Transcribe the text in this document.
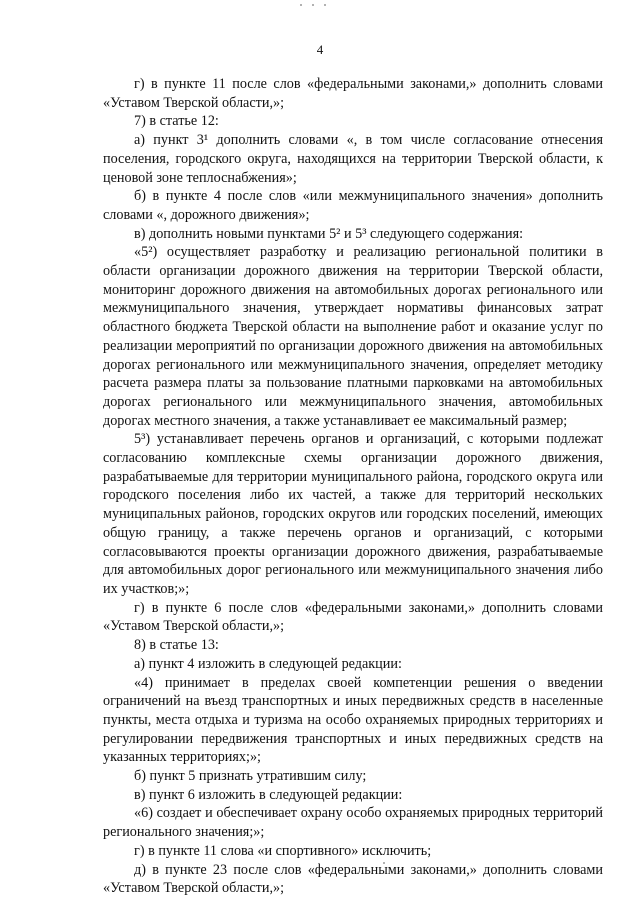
4

г) в пункте 11 после слов «федеральными законами,» дополнить словами «Уставом Тверской области,»;

7) в статье 12:

а) пункт 3¹ дополнить словами «, в том числе согласование отнесения поселения, городского округа, находящихся на территории Тверской области, к ценовой зоне теплоснабжения»;

б) в пункте 4 после слов «или межмуниципального значения» дополнить словами «, дорожного движения»;

в) дополнить новыми пунктами 5² и 5³ следующего содержания:

«5²) осуществляет разработку и реализацию региональной политики в области организации дорожного движения на территории Тверской области, мониторинг дорожного движения на автомобильных дорогах регионального или межмуниципального значения, утверждает нормативы финансовых затрат областного бюджета Тверской области на выполнение работ и оказание услуг по реализации мероприятий по организации дорожного движения на автомобильных дорогах регионального или межмуниципального значения, определяет методику расчета размера платы за пользование платными парковками на автомобильных дорогах регионального или межмуниципального значения, автомобильных дорогах местного значения, а также устанавливает ее максимальный размер;

5³) устанавливает перечень органов и организаций, с которыми подлежат согласованию комплексные схемы организации дорожного движения, разрабатываемые для территории муниципального района, городского округа или городского поселения либо их частей, а также для территорий нескольких муниципальных районов, городских округов или городских поселений, имеющих общую границу, а также перечень органов и организаций, с которыми согласовываются проекты организации дорожного движения, разрабатываемые для автомобильных дорог регионального или межмуниципального значения либо их участков;»;

г) в пункте 6 после слов «федеральными законами,» дополнить словами «Уставом Тверской области,»;

8) в статье 13:

а) пункт 4 изложить в следующей редакции:

«4) принимает в пределах своей компетенции решения о введении ограничений на въезд транспортных и иных передвижных средств в населенные пункты, места отдыха и туризма на особо охраняемых природных территориях и регулировании передвижения транспортных и иных передвижных средств на указанных территориях;»;

б) пункт 5 признать утратившим силу;

в) пункт 6 изложить в следующей редакции:

«6) создает и обеспечивает охрану особо охраняемых природных территорий регионального значения;»;

г) в пункте 11 слова «и спортивного» исключить;

д) в пункте 23 после слов «федеральными законами,» дополнить словами «Уставом Тверской области,»;
